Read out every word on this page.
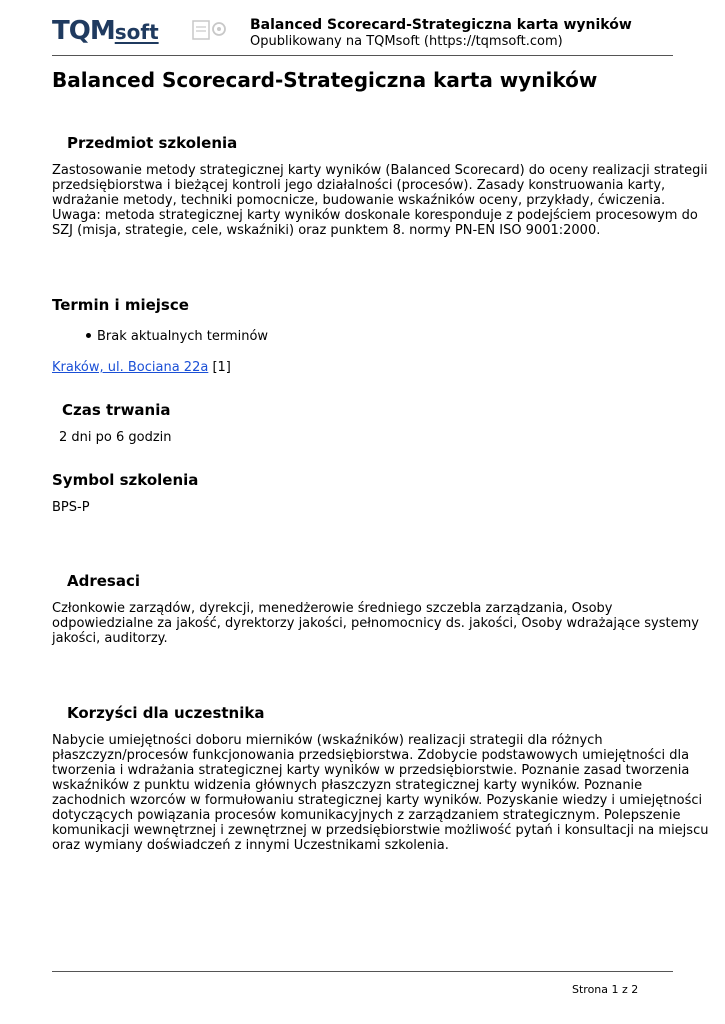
TQMsoft	Balanced Scorecard-Strategiczna karta wyników
Opublikowany na TQMsoft (https://tqmsoft.com)
Balanced Scorecard-Strategiczna karta wyników
Przedmiot szkolenia

Zastosowanie metody strategicznej karty wyników (Balanced Scorecard) do oceny realizacji strategii
przedsiębiorstwa i bieżącej kontroli jego działalności (procesów). Zasady konstruowania karty,
wdrażanie metody, techniki pomocnicze, budowanie wskaźników oceny, przykłady, ćwiczenia.
Uwaga: metoda strategicznej karty wyników doskonale koresponduje z podejściem procesowym do
SZJ (misja, strategie, cele, wskaźniki) oraz punktem 8. normy PN-EN ISO 9001:2000.

Termin i miejsce
Brak aktualnych terminów
Kraków, ul. Bociana 22a [1]
Czas trwania

2 dni po 6 godzin

Symbol szkolenia

BPS-P

Adresaci

Członkowie zarządów, dyrekcji, menedżerowie średniego szczebla zarządzania, Osoby
odpowiedzialne za jakość, dyrektorzy jakości, pełnomocnicy ds. jakości, Osoby wdrażające systemy
jakości, auditorzy.

Korzyści dla uczestnika

Nabycie umiejętności doboru mierników (wskaźników) realizacji strategii dla różnych
płaszczyzn/procesów funkcjonowania przedsiębiorstwa. Zdobycie podstawowych umiejętności dla
tworzenia i wdrażania strategicznej karty wyników w przedsiębiorstwie. Poznanie zasad tworzenia
wskaźników z punktu widzenia głównych płaszczyzn strategicznej karty wyników. Poznanie
zachodnich wzorców w formułowaniu strategicznej karty wyników. Pozyskanie wiedzy i umiejętności
dotyczących powiązania procesów komunikacyjnych z zarządzaniem strategicznym. Polepszenie
komunikacji wewnętrznej i zewnętrznej w przedsiębiorstwie możliwość pytań i konsultacji na miejscu
oraz wymiany doświadczeń z innymi Uczestnikami szkolenia.

Strona 1 z 2
